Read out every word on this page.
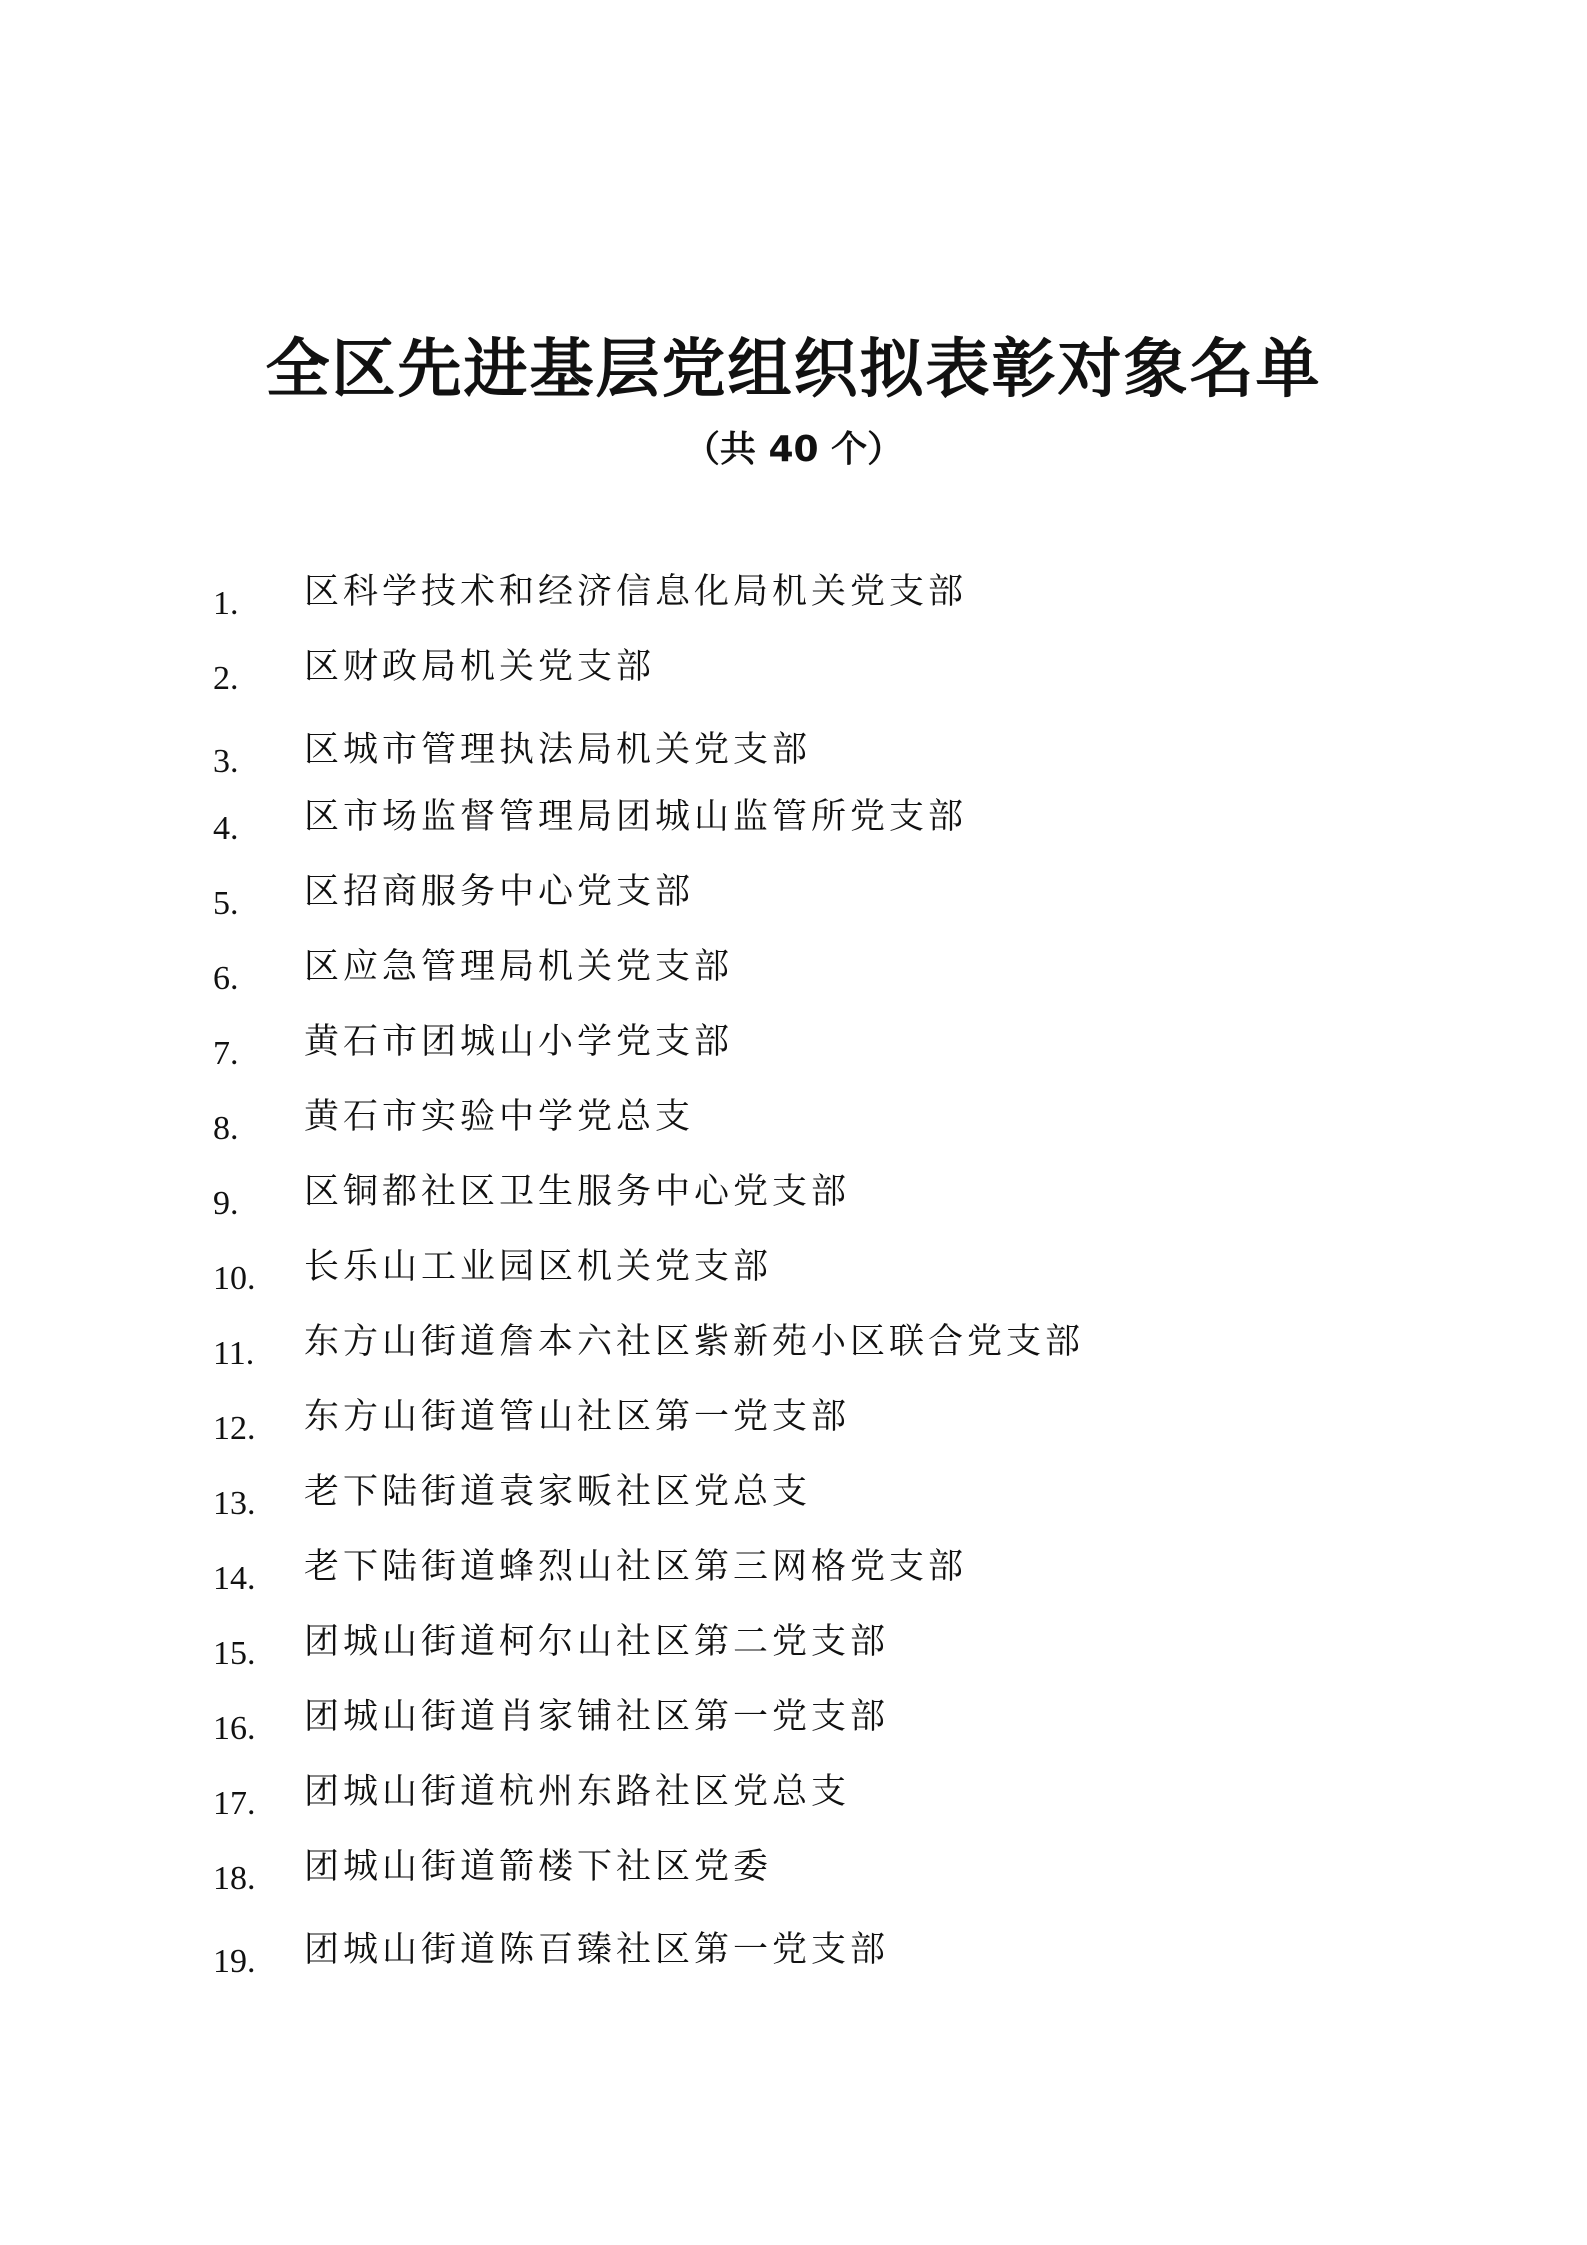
全区先进基层党组织拟表彰对象名单
（共 40 个）
1. 区科学技术和经济信息化局机关党支部
2. 区财政局机关党支部
3. 区城市管理执法局机关党支部
4. 区市场监督管理局团城山监管所党支部
5. 区招商服务中心党支部
6. 区应急管理局机关党支部
7. 黄石市团城山小学党支部
8. 黄石市实验中学党总支
9. 区铜都社区卫生服务中心党支部
10. 长乐山工业园区机关党支部
11. 东方山街道詹本六社区紫新苑小区联合党支部
12. 东方山街道管山社区第一党支部
13. 老下陆街道袁家畈社区党总支
14. 老下陆街道蜂烈山社区第三网格党支部
15. 团城山街道柯尔山社区第二党支部
16. 团城山街道肖家铺社区第一党支部
17. 团城山街道杭州东路社区党总支
18. 团城山街道箭楼下社区党委
19. 团城山街道陈百臻社区第一党支部
